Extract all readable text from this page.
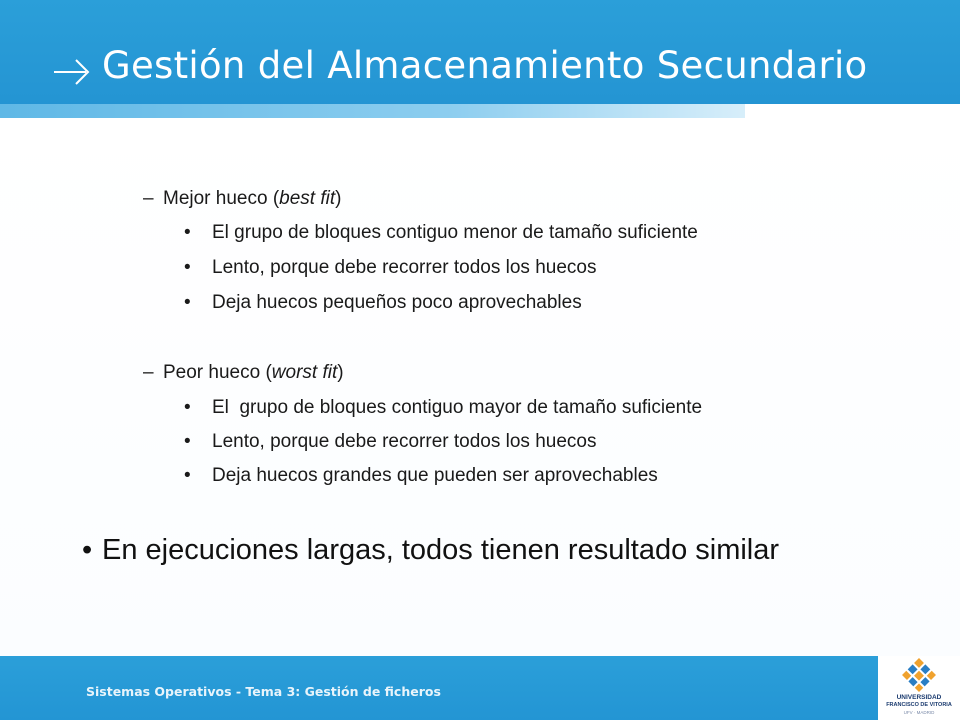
Gestión del Almacenamiento Secundario
– Mejor hueco (best fit)
• El grupo de bloques contiguo menor de tamaño suficiente
• Lento, porque debe recorrer todos los huecos
• Deja huecos pequeños poco aprovechables
– Peor hueco (worst fit)
• El  grupo de bloques contiguo mayor de tamaño suficiente
• Lento, porque debe recorrer todos los huecos
• Deja huecos grandes que pueden ser aprovechables
• En ejecuciones largas, todos tienen resultado similar
Sistemas Operativos - Tema 3: Gestión de ficheros	UNIVERSIDAD
FRANCISCO DE VITORIA
UFV · MADRID
